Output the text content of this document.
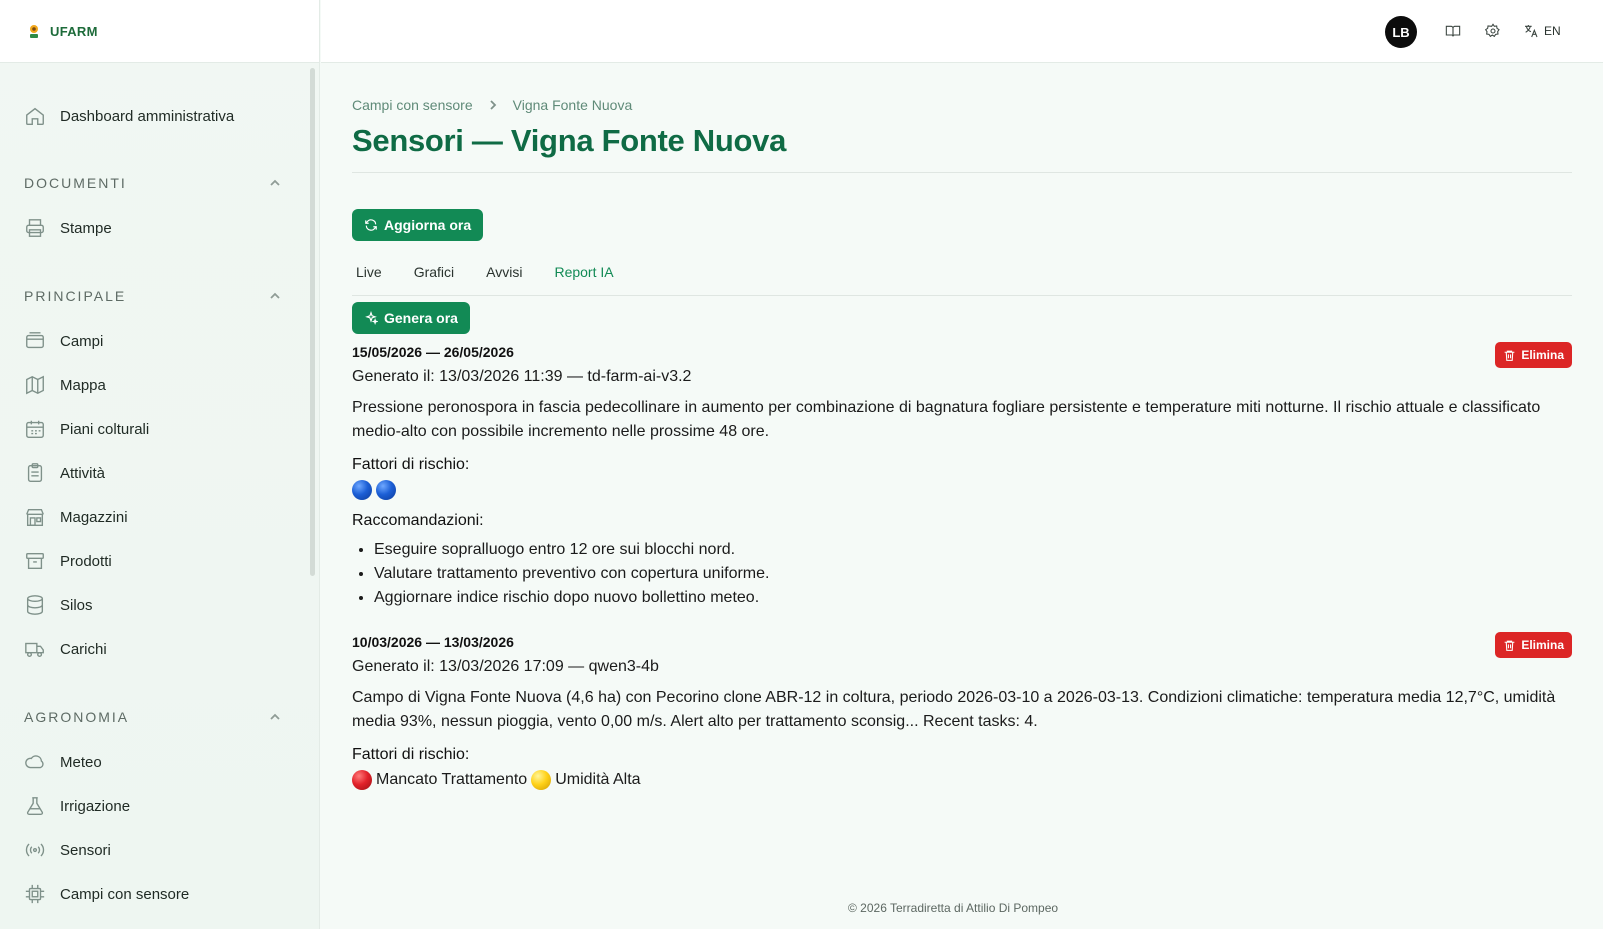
UFARM
Dashboard amministrativa
DOCUMENTI
Stampe
PRINCIPALE
Campi
Mappa
Piani colturali
Attività
Magazzini
Prodotti
Silos
Carichi
AGRONOMIA
Meteo
Irrigazione
Sensori
Campi con sensore
LB	EN
Campi con sensore	Vigna Fonte Nuova
Sensori — Vigna Fonte Nuova
Aggiorna ora
Live Grafici Avvisi Report IA
Genera ora
15/05/2026 — 26/05/2026	Elimina
Generato il: 13/03/2026 11:39 — td-farm-ai-v3.2

Pressione peronospora in fascia pedecollinare in aumento per combinazione di bagnatura fogliare persistente e temperature miti notturne. Il rischio attuale e classificato medio-alto con possibile incremento nelle prossime 48 ore.

Fattori di rischio:
Raccomandazioni:
• Eseguire sopralluogo entro 12 ore sui blocchi nord.
• Valutare trattamento preventivo con copertura uniforme.
• Aggiornare indice rischio dopo nuovo bollettino meteo.
10/03/2026 — 13/03/2026	Elimina
Generato il: 13/03/2026 17:09 — qwen3-4b

Campo di Vigna Fonte Nuova (4,6 ha) con Pecorino clone ABR-12 in coltura, periodo 2026-03-10 a 2026-03-13. Condizioni climatiche: temperatura media 12,7°C, umidità media 93%, nessun pioggia, vento 0,00 m/s. Alert alto per trattamento sconsig... Recent tasks: 4.

Fattori di rischio:
Mancato Trattamento Umidità Alta
© 2026 Terradiretta di Attilio Di Pompeo
